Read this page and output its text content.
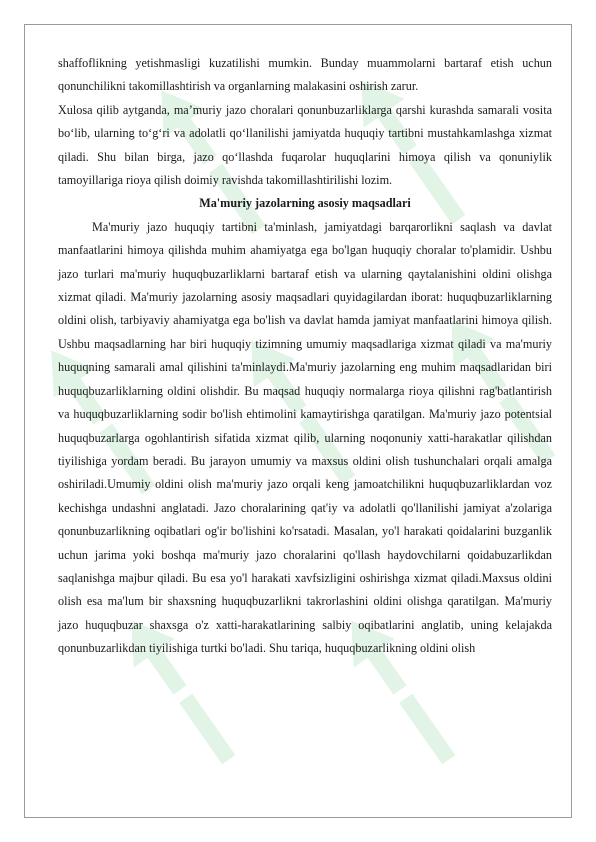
shaffoflikning yetishmasligi kuzatilishi mumkin. Bunday muammolarni bartaraf etish uchun qonunchilikni takomillashtirish va organlarning malakasini oshirish zarur.

Xulosa qilib aytganda, ma’muriy jazo choralari qonunbuzarliklarga qarshi kurashda samarali vosita bo‘lib, ularning to‘g‘ri va adolatli qo‘llanilishi jamiyatda huquqiy tartibni mustahkamlashga xizmat qiladi. Shu bilan birga, jazo qo‘llashda fuqarolar huquqlarini himoya qilish va qonuniylik tamoyillariga rioya qilish doimiy ravishda takomillashtirilishi lozim.

Ma'muriy jazolarning asosiy maqsadlari

Ma'muriy jazo huquqiy tartibni ta'minlash, jamiyatdagi barqarorlikni saqlash va davlat manfaatlarini himoya qilishda muhim ahamiyatga ega bo'lgan huquqiy choralar to'plamidir. Ushbu jazo turlari ma'muriy huquqbuzarliklarni bartaraf etish va ularning qaytalanishini oldini olishga xizmat qiladi. Ma'muriy jazolarning asosiy maqsadlari quyidagilardan iborat: huquqbuzarliklarning oldini olish, tarbiyaviy ahamiyatga ega bo'lish va davlat hamda jamiyat manfaatlarini himoya qilish. Ushbu maqsadlarning har biri huquqiy tizimning umumiy maqsadlariga xizmat qiladi va ma'muriy huquqning samarali amal qilishini ta'minlaydi.Ma'muriy jazolarning eng muhim maqsadlaridan biri huquqbuzarliklarning oldini olishdir. Bu maqsad huquqiy normalarga rioya qilishni rag'batlantirish va huquqbuzarliklarning sodir bo'lish ehtimolini kamaytirishga qaratilgan. Ma'muriy jazo potentsial huquqbuzarlarga ogohlantirish sifatida xizmat qilib, ularning noqonuniy xatti-harakatlar qilishdan tiyilishiga yordam beradi. Bu jarayon umumiy va maxsus oldini olish tushunchalari orqali amalga oshiriladi.Umumiy oldini olish ma'muriy jazo orqali keng jamoatchilikni huquqbuzarliklardan voz kechishga undashni anglatadi. Jazo choralarining qat'iy va adolatli qo'llanilishi jamiyat a'zolariga qonunbuzarlikning oqibatlari og'ir bo'lishini ko'rsatadi. Masalan, yo'l harakati qoidalarini buzganlik uchun jarima yoki boshqa ma'muriy jazo choralarini qo'llash haydovchilarni qoidabuzarlikdan saqlanishga majbur qiladi. Bu esa yo'l harakati xavfsizligini oshirishga xizmat qiladi.Maxsus oldini olish esa ma'lum bir shaxsning huquqbuzarlikni takrorlashini oldini olishga qaratilgan. Ma'muriy jazo huquqbuzar shaxsga o'z xatti-harakatlarining salbiy oqibatlarini anglatib, uning kelajakda qonunbuzarlikdan tiyilishiga turtki bo'ladi. Shu tariqa, huquqbuzarlikning oldini olish
